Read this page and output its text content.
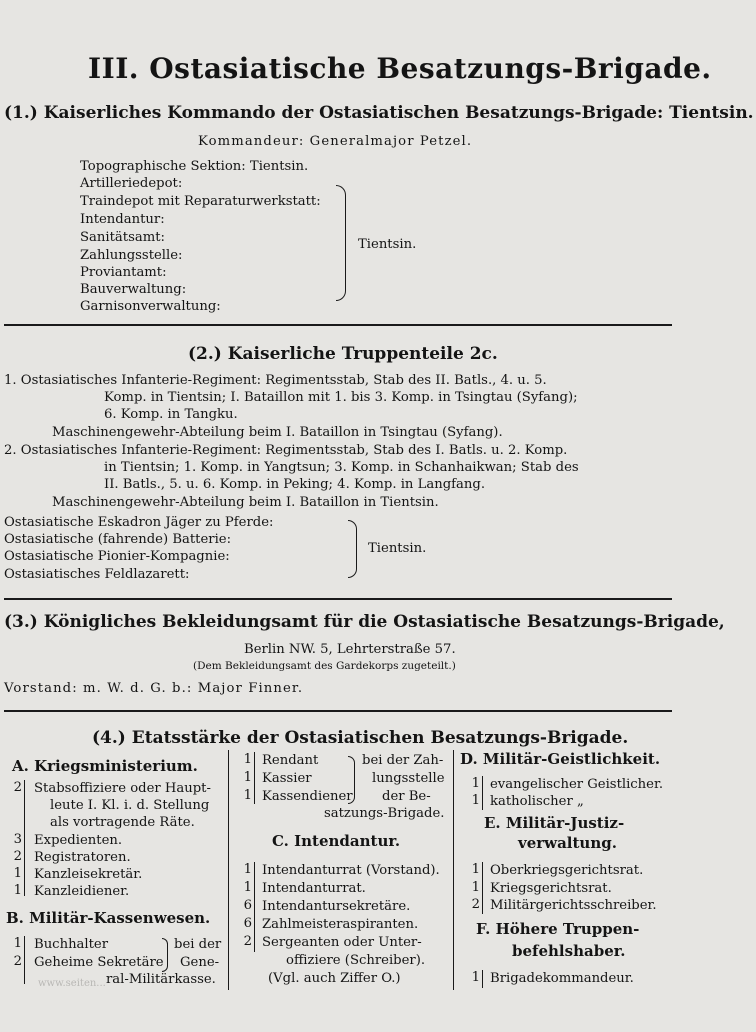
III. Ostasiatische Besatzungs-Brigade.
(1.) Kaiserliches Kommando der Ostasiatischen Besatzungs-Brigade: Tientsin.
Kommandeur: Generalmajor Petzel.
Topographische Sektion: Tientsin.
Artilleriedepot:
Traindepot mit Reparaturwerkstatt:
Intendantur:
Sanitätsamt:
Zahlungsstelle:
Proviantamt:
Bauverwaltung:
Garnisonverwaltung:
Tientsin.
(2.) Kaiserliche Truppenteile 2c.
1. Ostasiatisches Infanterie-Regiment: Regimentsstab, Stab des II. Batls., 4. u. 5.
Komp. in Tientsin; I. Bataillon mit 1. bis 3. Komp. in Tsingtau (Syfang);
6. Komp. in Tangku.
Maschinengewehr-Abteilung beim I. Bataillon in Tsingtau (Syfang).
2. Ostasiatisches Infanterie-Regiment: Regimentsstab, Stab des I. Batls. u. 2. Komp.
in Tientsin; 1. Komp. in Yangtsun; 3. Komp. in Schanhaikwan; Stab des
II. Batls., 5. u. 6. Komp. in Peking; 4. Komp. in Langfang.
Maschinengewehr-Abteilung beim I. Bataillon in Tientsin.
Ostasiatische Eskadron Jäger zu Pferde:
Ostasiatische (fahrende) Batterie:
Ostasiatische Pionier-Kompagnie:
Ostasiatisches Feldlazarett:
Tientsin.
(3.) Königliches Bekleidungsamt für die Ostasiatische Besatzungs-Brigade,
Berlin NW. 5, Lehrterstraße 57.
(Dem Bekleidungsamt des Gardekorps zugeteilt.)
Vorstand: m. W. d. G. b.: Major Finner.
(4.) Etatsstärke der Ostasiatischen Besatzungs-Brigade.
A. Kriegsministerium.
2 Stabsoffiziere oder Haupt-
leute I. Kl. i. d. Stellung
als vortragende Räte.
3 Expedienten.
2 Registratoren.
1 Kanzleisekretär.
1 Kanzleidiener.
B. Militär-Kassenwesen.
1 Buchhalter	bei der
2 Geheime Sekretäre Gene-
ral-Militärkasse.
1 Rendant
1 Kassier
1 Kassendiener
bei der Zah-
lungsstelle
der Be-
satzungs-Brigade.
C. Intendantur.
1 Intendanturrat (Vorstand).
1 Intendanturrat.
6 Intendantursekretäre.
6 Zahlmeisteraspiranten.
2 Sergeanten oder Unter-
offiziere (Schreiber).
(Vgl. auch Ziffer O.)
D. Militär-Geistlichkeit.
1 evangelischer Geistlicher.
1 katholischer „
E. Militär-Justiz-
verwaltung.
1 Oberkriegsgerichtsrat.
1 Kriegsgerichtsrat.
2 Militärgerichtsschreiber.
F. Höhere Truppen-
befehlshaber.
1 Brigadekommandeur.
www.seiten...
